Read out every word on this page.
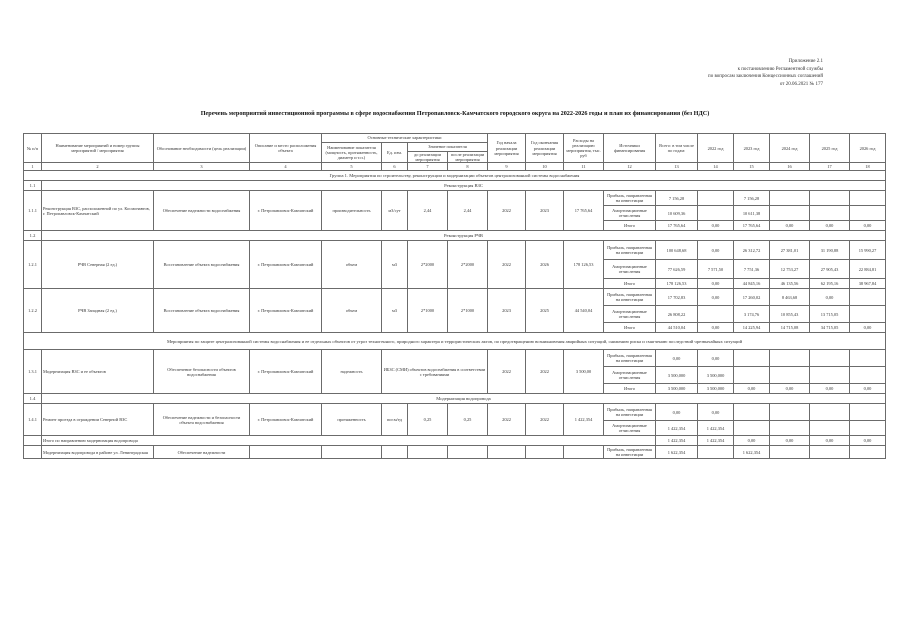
Приложение 2.1
к постановлению Регламентной службы
по вопросам заключения Концессионных соглашений
от 20.06.2021 № 177
Перечень мероприятий инвестиционной программы в сфере водоснабжения Петропавловск-Камчатского городского округа на 2022-2026 годы и план их финансирования (без НДС)
№ п/п	Наименование мероприятий и номер группы мероприятий / мероприятия	Обоснование необходимости (цель реализации)	Описание и место расположения объекта	Основные технические характеристики				Год начала реализации мероприятия	Год окончания реализации мероприятия	Расходы на реализацию мероприятия, тыс. руб	Источники финансирования	Всего: в том числе по годам:	2022 год	2023 год	2024 год	2025 год	2026 год
				Наименование показателя (мощность, протяженность, диаметр и т.п.)	Ед. изм.	Значение показателя											
						до реализации мероприятия	после реализации мероприятия										
1	2	3	4	5	6	7	8	9	10	11	12	13	14	15	16	17	18
Группа 1. Мероприятия по строительству, реконструкции и модернизации объектов централизованной системы водоснабжения																	
1.1	Реконструкция ВЗС																
1.1.1	Реконструкция ВЗС, расположенной по ул. Космонавтов, г. Петропавловск-Камчатский	Обеспечение надежности водоснабжения	г. Петропавловск-Камчатский	производительность	м3/сут	2,44	2,44	2022	2023	17 765,64	Прибыль, направленная на инвестиции	7 156,28		7 156,28			
											Амортизационные отчисления	10 609,36		10 611,38			
											Итого	17 765,64	0,00	17 765,64	0,00	0,00	0,00
1.2	Реконструкция РЧВ																
1.2.1	РЧВ Северная (2 ед.)	Восстановление объекта водоснабжения	г. Петропавловск-Камчатский	объем	м3	2*2000	2*2000	2022	2026	178 126,53	Прибыль, направленная на инвестиции	100 648,68	0,00	26 312,72	27 381,01	31 190,88	15 990,27
											Амортизационные отчисления	77 626,59	7 571,50	7 751,36	12 753,27	27 905,43	22 884,81
											Итого	178 126,53	0,00	44 845,16	46 135,56	62 195,16	38 967,84
1.2.2	РЧВ Западная (2 ед.)	Восстановление объекта водоснабжения	г. Петропавловск-Камчатский	объем	м3	2*1000	2*1000	2023	2025	44 540,04	Прибыль, направленная на инвестиции	17 702,83	0,00	17 260,02	8 463,68	0,00	
											Амортизационные отчисления	26 808,22		3 174,76	10 855,43	13 715,05	
											Итого	44 510,04	0,00	14 225,94	14 715,08	34 715,05	0,00
Мероприятия по защите централизованной системы водоснабжения и ее отдельных объектов от угроз техногенного, природного характера и террористических актов, по предотвращению возникновения аварийных ситуаций, снижению риска и смягчению последствий чрезвычайных ситуаций																	
1.3.1	Модернизация ВЗС и ее объектов	Обеспечение безопасности объектов водоснабжения	г. Петропавловск-Камчатский	надежность	ИБЗС (СМИ) объектов водоснабжения в соответствии с требованиями			2022	2022	3 500,00	Прибыль, направленная на инвестиции	0,00	0,00				
											Амортизационные отчисления	3 500,000	3 500,000				
											Итого	3 500,000	3 500,000	0,00	0,00	0,00	0,00
1.4	Модернизация водопровода																
1.4.1	Ремонт проезда в ограждении Северной ВЗС	Обеспечение надежности и безопасности объекта водоснабжения	г. Петропавловск-Камчатский	протяженность	пог.м/ед	0,25	0,25	2022	2022	1 422,354	Прибыль, направленная на инвестиции	0,00	0,00				
											Амортизационные отчисления	1 422,354	1 422,354				
	Итого по направлению модернизация водопровода											1 422,354	1 422,354	0,00	0,00	0,00	0,00
	Модернизация водопровода в районе ул. Ленинградская	Обеспечение надежности									Прибыль, направленная на инвестиции	1 622,354		1 622,354			
